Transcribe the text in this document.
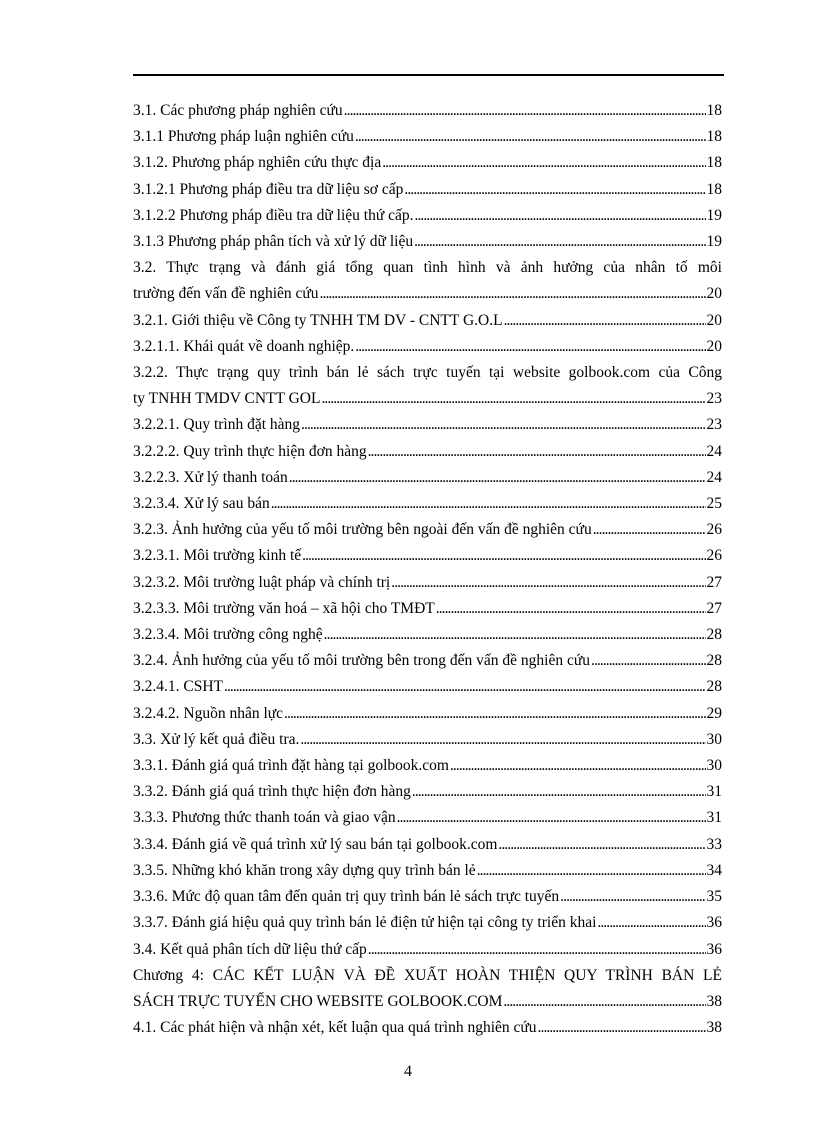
3.1. Các phương pháp nghiên cứu . . .	18
3.1.1 Phương pháp luận nghiên cứu . . .	18
3.1.2. Phương pháp nghiên cứu thực địa . . .	18
3.1.2.1 Phương pháp điều tra dữ liệu sơ cấp . . .	18
3.1.2.2 Phương pháp điều tra dữ liệu thứ cấp. . . .	19
3.1.3 Phương pháp phân tích và xử lý dữ liệu . . .	19
3.2. Thực trạng và đánh giá tổng quan tình hình và ảnh hưởng của nhân tố môi
trường đến vấn đề nghiên cứu . . .	20
3.2.1. Giới thiệu về Công ty TNHH TM DV - CNTT G.O.L . . .	20
3.2.1.1. Khái quát về doanh nghiệp. . . .	20
3.2.2. Thực trạng quy trình bán lẻ sách trực tuyến tại website golbook.com của Công
ty TNHH TMDV CNTT GOL . . .	23
3.2.2.1. Quy trình đặt hàng . . .	23
3.2.2.2. Quy trình thực hiện đơn hàng . . .	24
3.2.2.3. Xử lý thanh toán . . .	24
3.2.3.4. Xử lý sau bán . . .	25
3.2.3. Ảnh hưởng của yếu tố môi trường bên ngoài đến vấn đề nghiên cứu . . .	26
3.2.3.1. Môi trường kinh tế . . .	26
3.2.3.2. Môi trường luật pháp và chính trị . . .	27
3.2.3.3. Môi trường văn hoá – xã hội cho TMĐT . . .	27
3.2.3.4. Môi trường công nghệ . . .	28
3.2.4. Ảnh hưởng của yếu tố môi trường bên trong đến vấn đề nghiên cứu . . .	28
3.2.4.1. CSHT . . .	28
3.2.4.2. Nguồn nhân lực . . .	29
3.3. Xử lý kết quả điều tra. . . .	30
3.3.1. Đánh giá quá trình đặt hàng tại golbook.com . . .	30
3.3.2. Đánh giá quá trình thực hiện đơn hàng . . .	31
3.3.3. Phương thức thanh toán và giao vận . . .	31
3.3.4. Đánh giá về quá trình xử lý sau bán tại golbook.com . . .	33
3.3.5. Những khó khăn trong xây dựng quy trình bán lẻ . . .	34
3.3.6. Mức độ quan tâm đến quản trị quy trình bán lẻ sách trực tuyến . . .	35
3.3.7. Đánh giá hiệu quả quy trình bán lẻ điện tử hiện tại công ty triển khai . . .	36
3.4. Kết quả phân tích dữ liệu thứ cấp . . .	36
Chương 4: CÁC KẾT LUẬN VÀ ĐỀ XUẤT HOÀN THIỆN QUY TRÌNH BÁN LẺ
SÁCH TRỰC TUYẾN CHO WEBSITE GOLBOOK.COM . . .	38
4.1. Các phát hiện và nhận xét, kết luận qua quá trình nghiên cứu . . .	38
4
